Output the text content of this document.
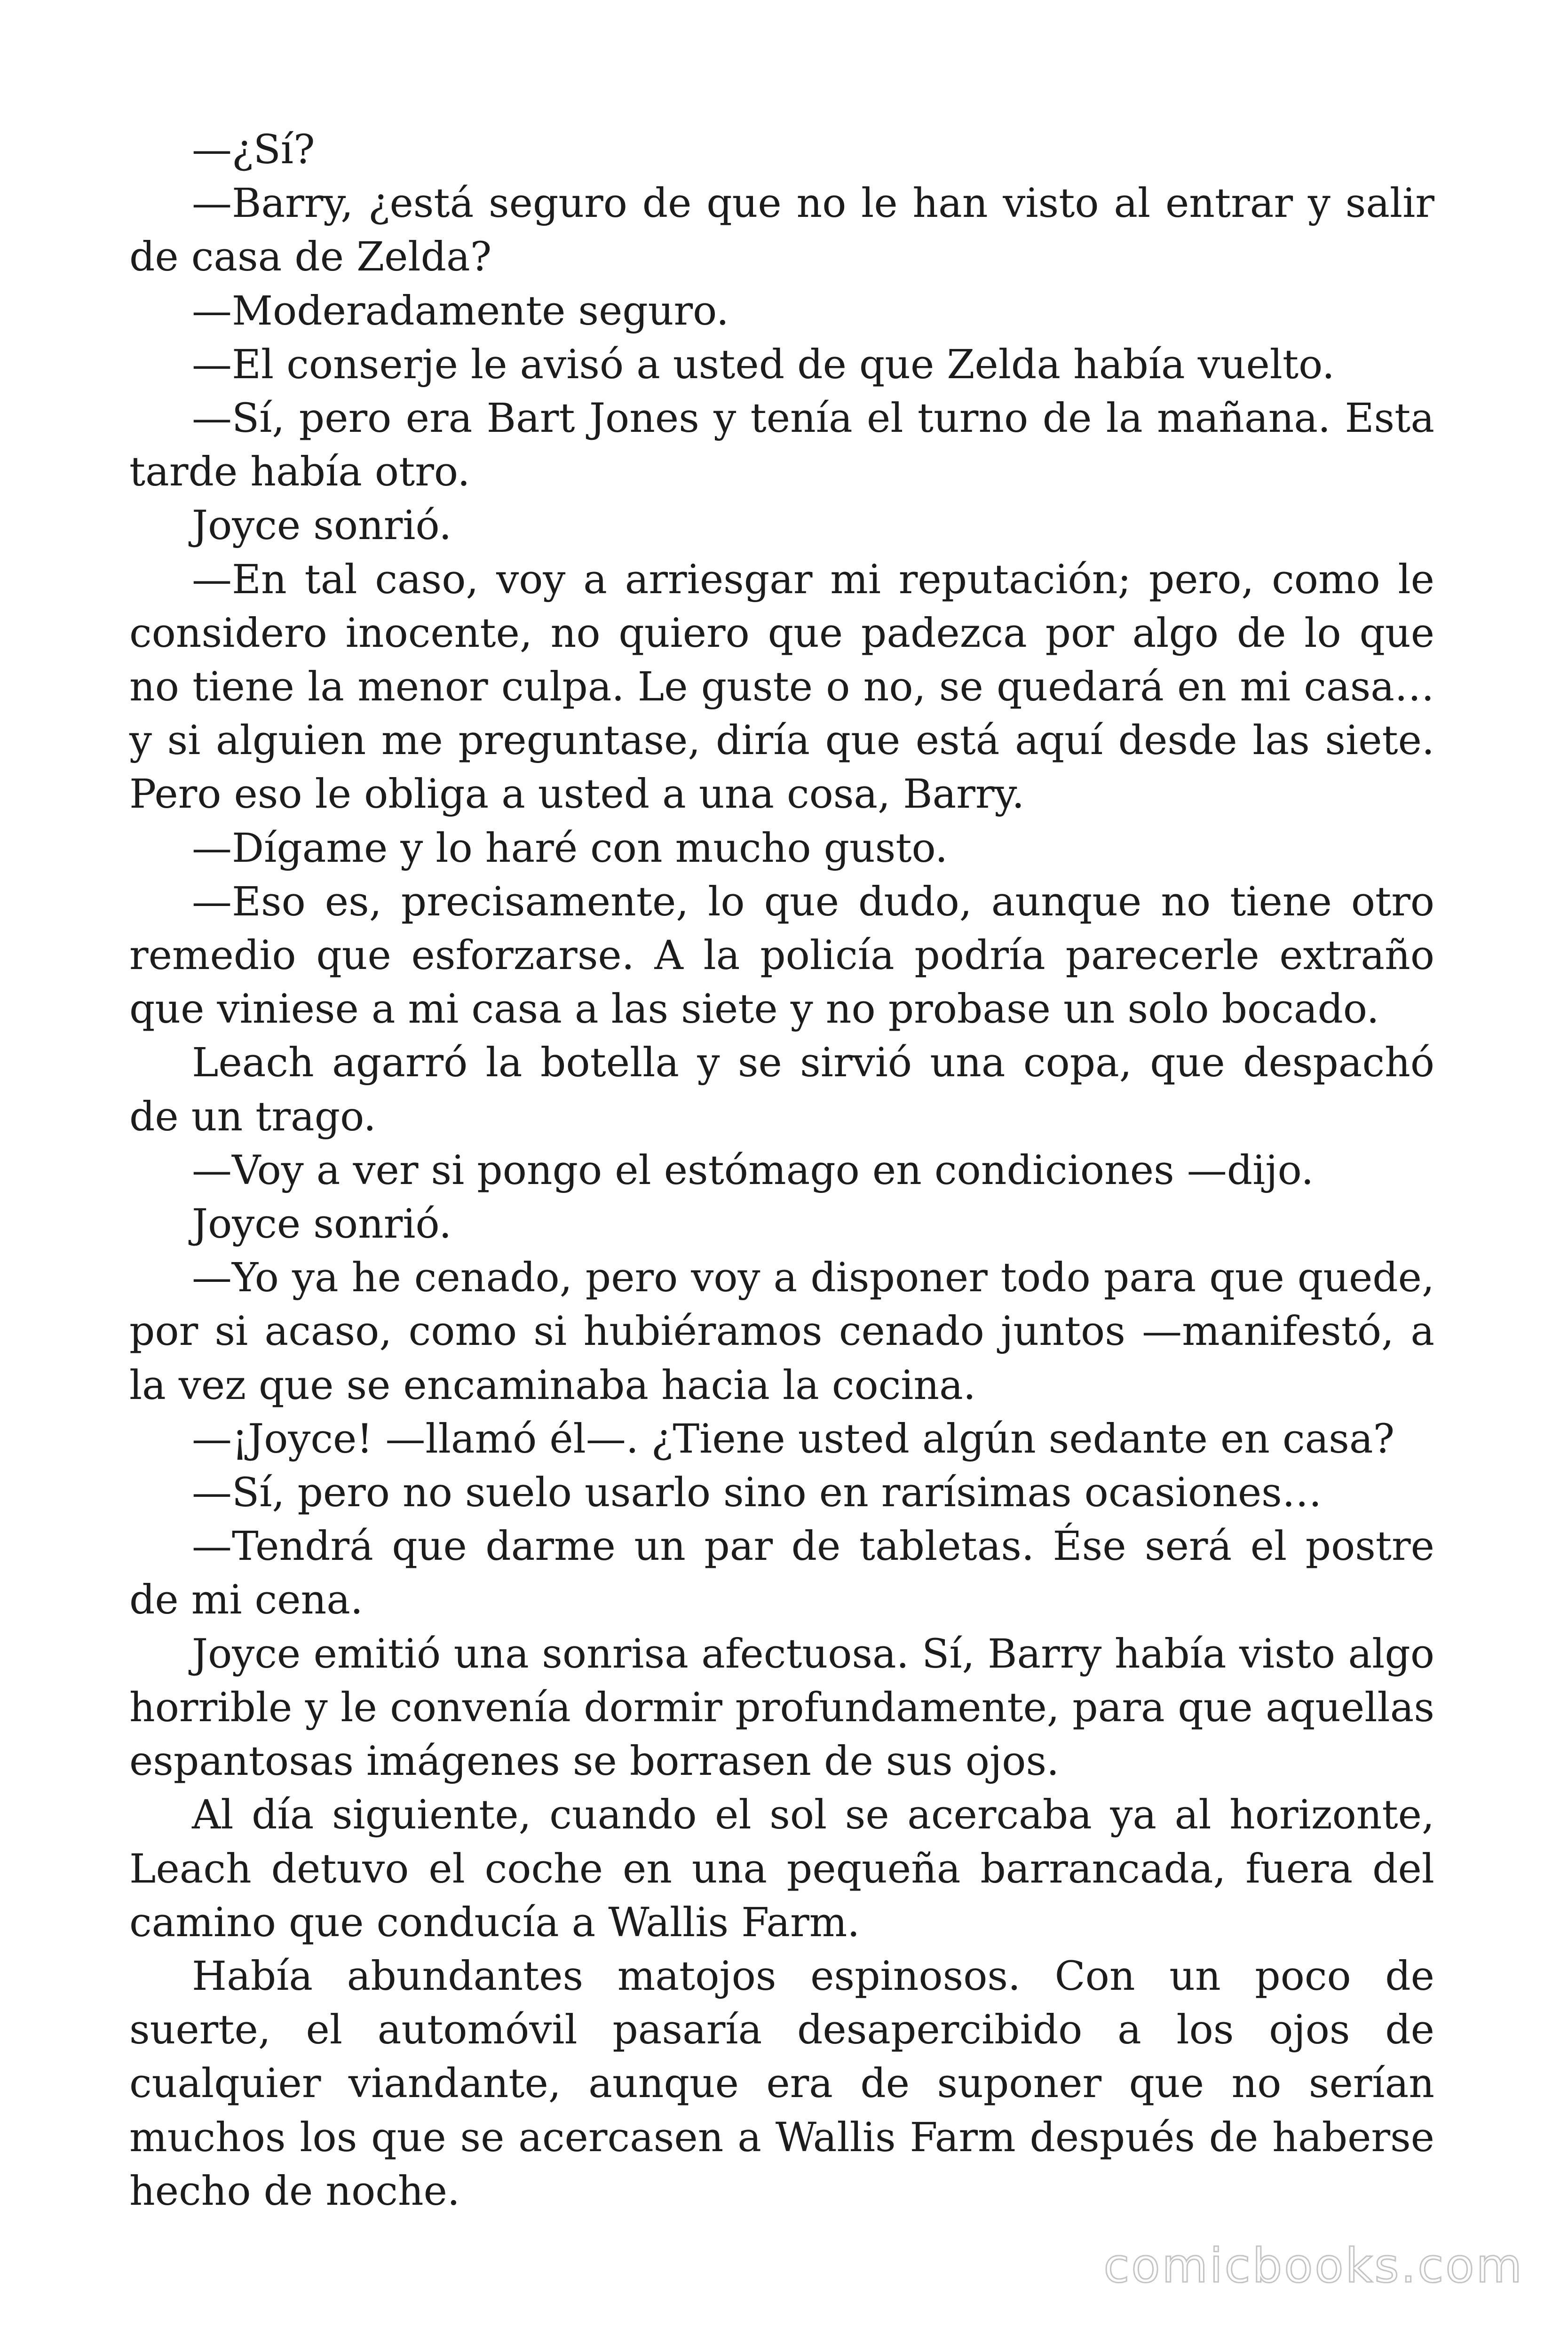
—¿Sí?

—Barry, ¿está seguro de que no le han visto al entrar y salir de casa de Zelda?

—Moderadamente seguro.

—El conserje le avisó a usted de que Zelda había vuelto.

—Sí, pero era Bart Jones y tenía el turno de la mañana. Esta tarde había otro.

Joyce sonrió.

—En tal caso, voy a arriesgar mi reputación; pero, como le considero inocente, no quiero que padezca por algo de lo que no tiene la menor culpa. Le guste o no, se quedará en mi casa… y si alguien me preguntase, diría que está aquí desde las siete. Pero eso le obliga a usted a una cosa, Barry.

—Dígame y lo haré con mucho gusto.

—Eso es, precisamente, lo que dudo, aunque no tiene otro remedio que esforzarse. A la policía podría parecerle extraño que viniese a mi casa a las siete y no probase un solo bocado.

Leach agarró la botella y se sirvió una copa, que despachó de un trago.

—Voy a ver si pongo el estómago en condiciones —dijo.

Joyce sonrió.

—Yo ya he cenado, pero voy a disponer todo para que quede, por si acaso, como si hubiéramos cenado juntos —manifestó, a la vez que se encaminaba hacia la cocina.

—¡Joyce! —llamó él—. ¿Tiene usted algún sedante en casa?

—Sí, pero no suelo usarlo sino en rarísimas ocasiones…

—Tendrá que darme un par de tabletas. Ése será el postre de mi cena.

Joyce emitió una sonrisa afectuosa. Sí, Barry había visto algo horrible y le convenía dormir profundamente, para que aquellas espantosas imágenes se borrasen de sus ojos.

Al día siguiente, cuando el sol se acercaba ya al horizonte, Leach detuvo el coche en una pequeña barrancada, fuera del camino que conducía a Wallis Farm.

Había abundantes matojos espinosos. Con un poco de suerte, el automóvil pasaría desapercibido a los ojos de cualquier viandante, aunque era de suponer que no serían muchos los que se acercasen a Wallis Farm después de haberse hecho de noche.

comicbooks.com
